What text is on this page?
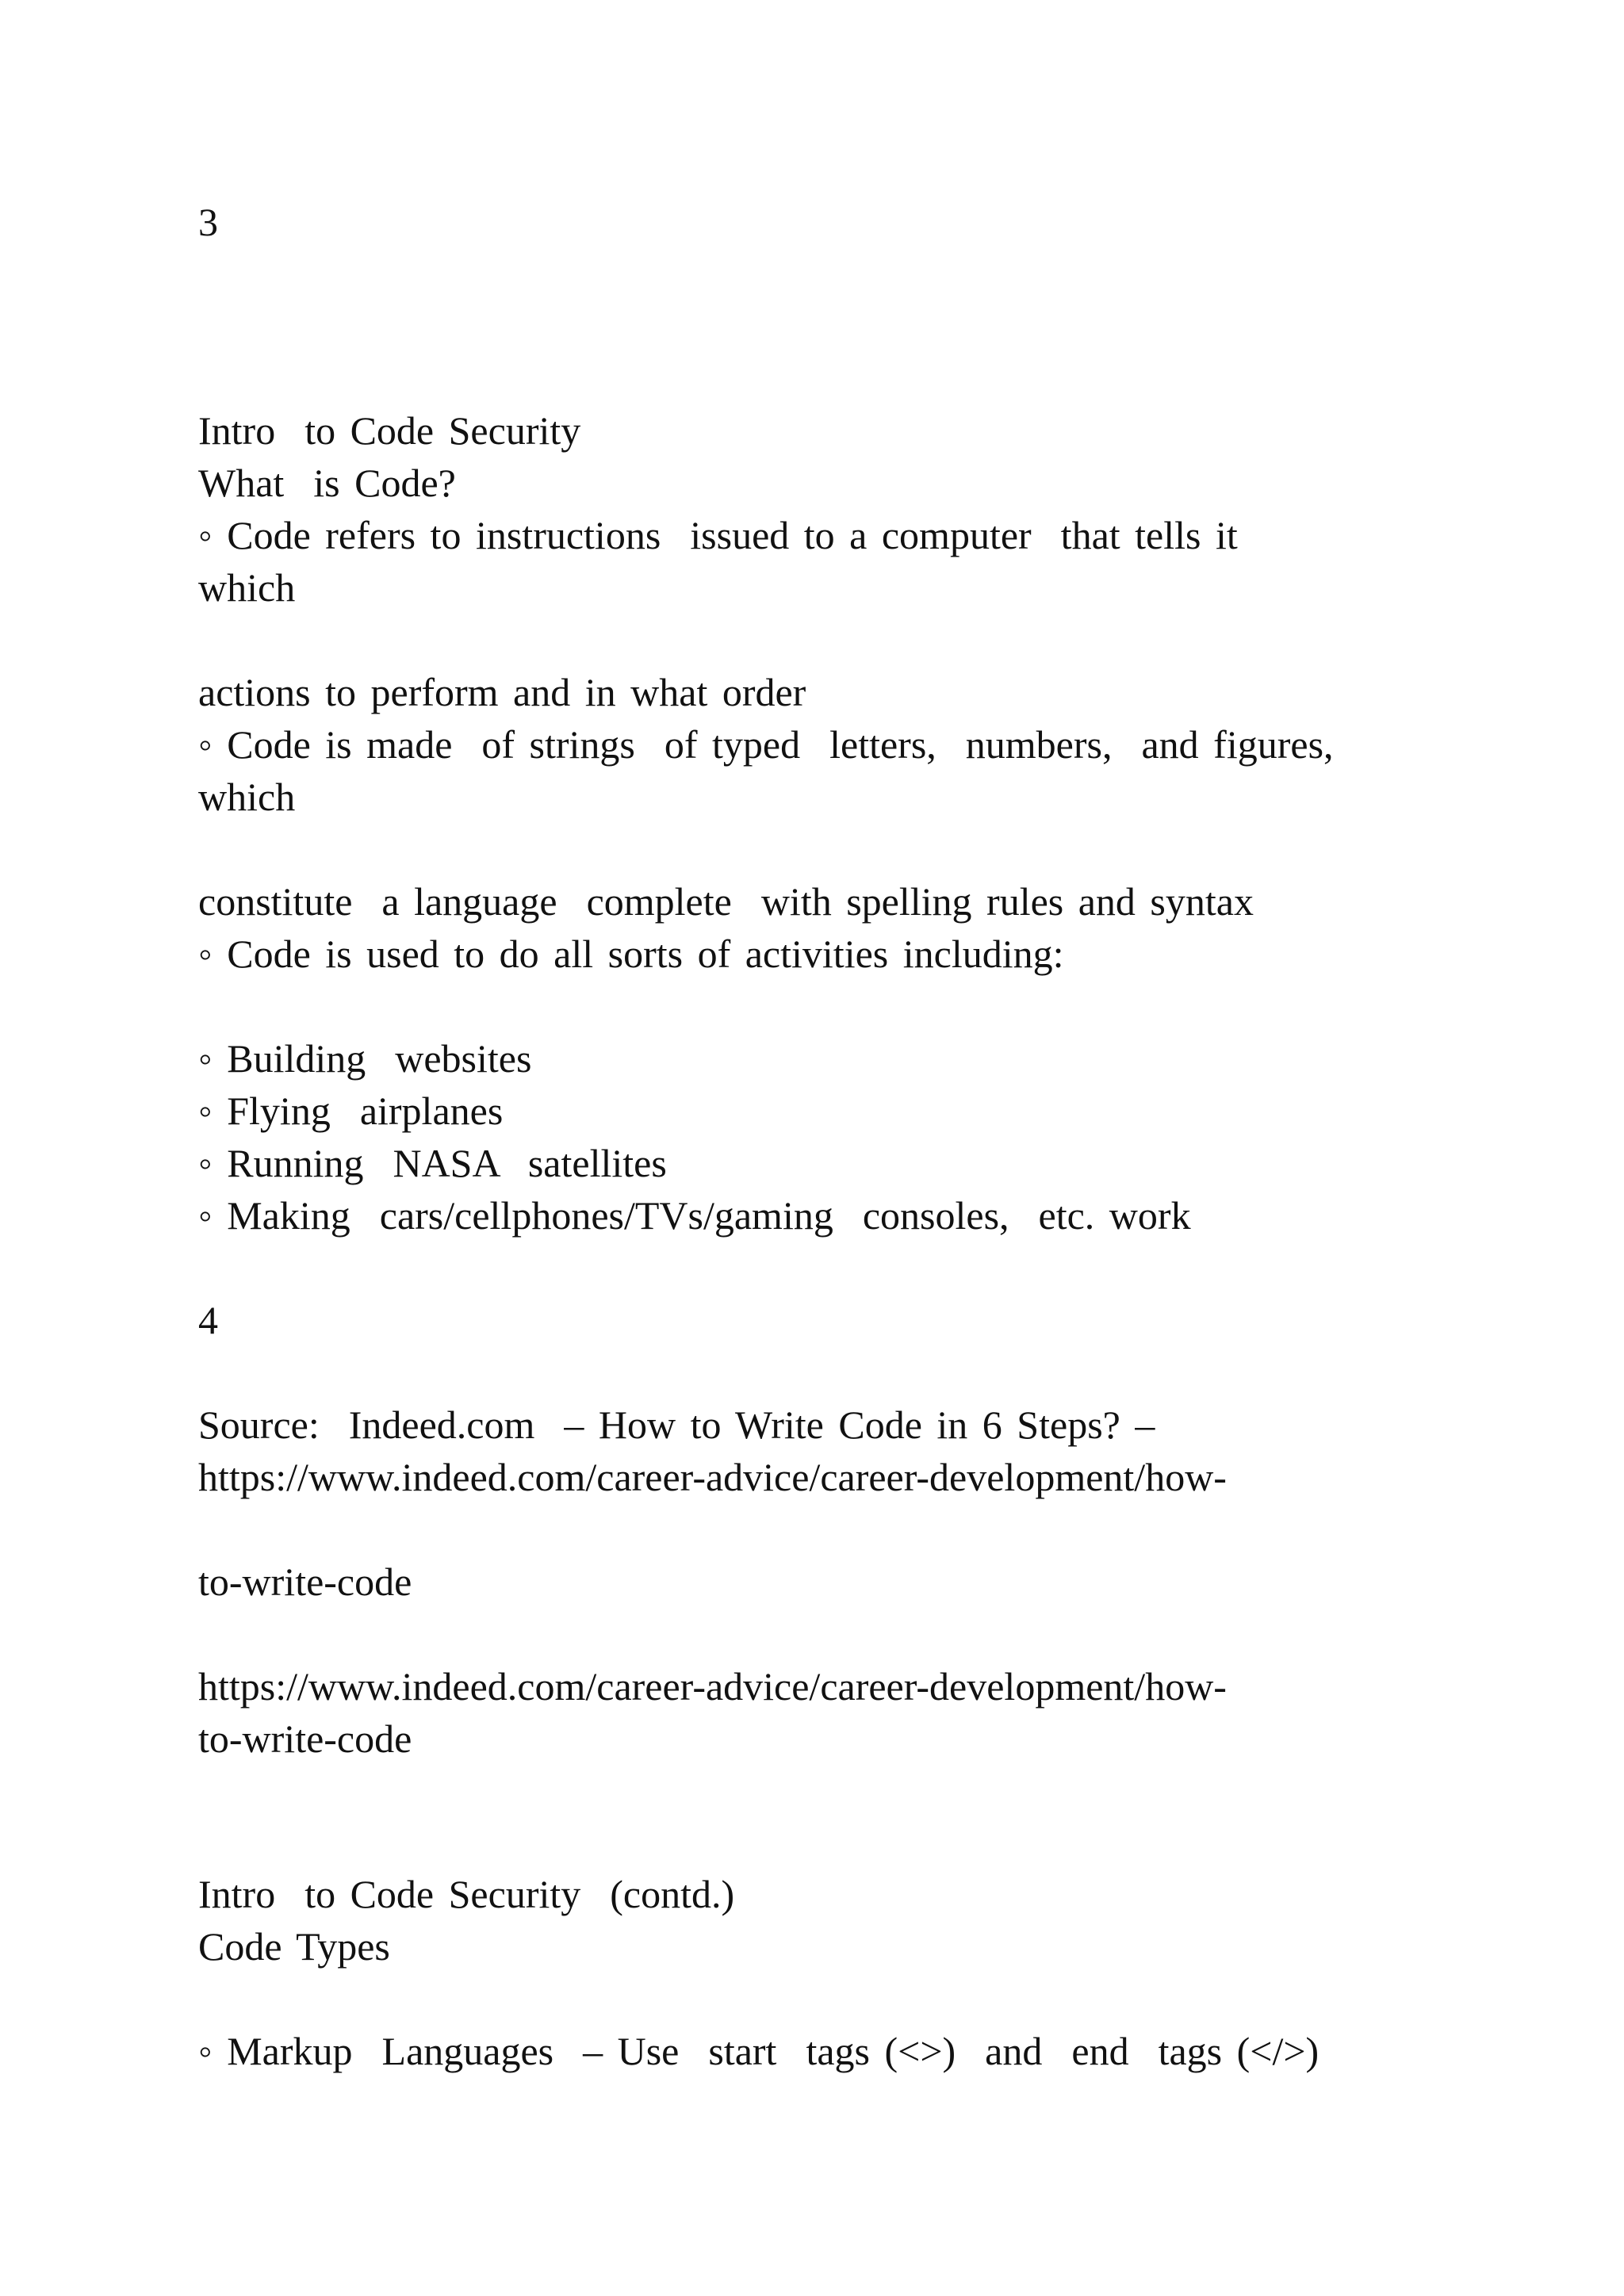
3
Intro  to Code Security
What  is Code?
◦ Code refers to instructions  issued to a computer  that tells it
which
actions to perform and in what order
◦ Code is made  of strings  of typed  letters,  numbers,  and figures,
which
constitute  a language  complete  with spelling rules and syntax
◦ Code is used to do all sorts of activities including:
◦ Building  websites
◦ Flying  airplanes
◦ Running  NASA  satellites
◦ Making  cars/cellphones/TVs/gaming  consoles,  etc. work
4
Source:  Indeed.com  – How to Write Code in 6 Steps? –
https://www.indeed.com/career-advice/career-development/how-
to-write-code
https://www.indeed.com/career-advice/career-development/how-
to-write-code
Intro  to Code Security  (contd.)
Code Types
◦ Markup  Languages  – Use  start  tags (<>)  and  end  tags (</>)
